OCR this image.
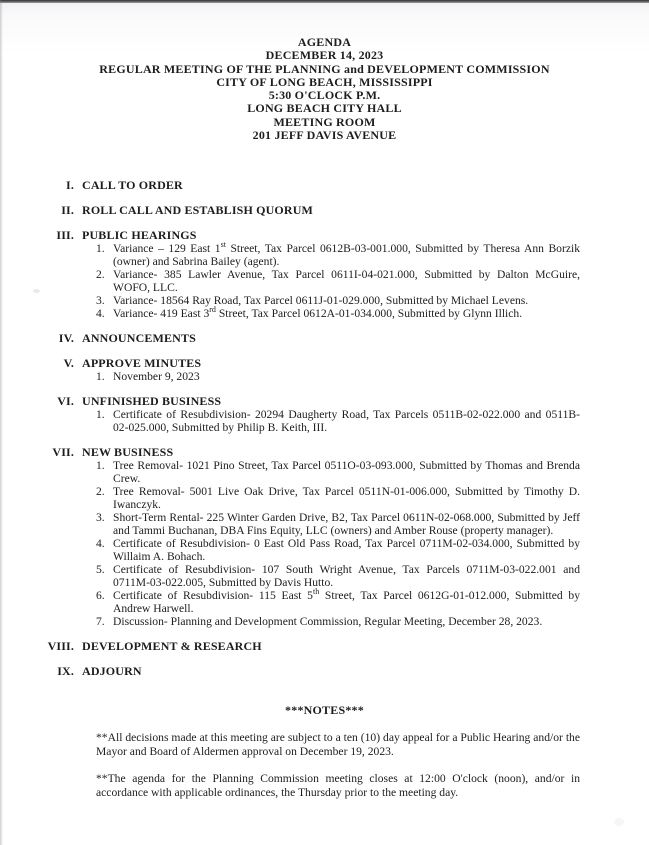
AGENDA
DECEMBER 14, 2023
REGULAR MEETING OF THE PLANNING and DEVELOPMENT COMMISSION
CITY OF LONG BEACH, MISSISSIPPI
5:30 O'CLOCK P.M.
LONG BEACH CITY HALL
MEETING ROOM
201 JEFF DAVIS AVENUE
I. CALL TO ORDER
II. ROLL CALL AND ESTABLISH QUORUM
III. PUBLIC HEARINGS
1. Variance – 129 East 1st Street, Tax Parcel 0612B-03-001.000, Submitted by Theresa Ann Borzik (owner) and Sabrina Bailey (agent).
2. Variance- 385 Lawler Avenue, Tax Parcel 0611I-04-021.000, Submitted by Dalton McGuire, WOFO, LLC.
3. Variance- 18564 Ray Road, Tax Parcel 0611J-01-029.000, Submitted by Michael Levens.
4. Variance- 419 East 3rd Street, Tax Parcel 0612A-01-034.000, Submitted by Glynn Illich.
IV. ANNOUNCEMENTS
V. APPROVE MINUTES
1. November 9, 2023
VI. UNFINISHED BUSINESS
1. Certificate of Resubdivision- 20294 Daugherty Road, Tax Parcels 0511B-02-022.000 and 0511B-02-025.000, Submitted by Philip B. Keith, III.
VII. NEW BUSINESS
1. Tree Removal- 1021 Pino Street, Tax Parcel 0511O-03-093.000, Submitted by Thomas and Brenda Crew.
2. Tree Removal- 5001 Live Oak Drive, Tax Parcel 0511N-01-006.000, Submitted by Timothy D. Iwanczyk.
3. Short-Term Rental- 225 Winter Garden Drive, B2, Tax Parcel 0611N-02-068.000, Submitted by Jeff and Tammi Buchanan, DBA Fins Equity, LLC (owners) and Amber Rouse (property manager).
4. Certificate of Resubdivision- 0 East Old Pass Road, Tax Parcel 0711M-02-034.000, Submitted by Willaim A. Bohach.
5. Certificate of Resubdivision- 107 South Wright Avenue, Tax Parcels 0711M-03-022.001 and 0711M-03-022.005, Submitted by Davis Hutto.
6. Certificate of Resubdivision- 115 East 5th Street, Tax Parcel 0612G-01-012.000, Submitted by Andrew Harwell.
7. Discussion- Planning and Development Commission, Regular Meeting, December 28, 2023.
VIII. DEVELOPMENT & RESEARCH
IX. ADJOURN
***NOTES***

**All decisions made at this meeting are subject to a ten (10) day appeal for a Public Hearing and/or the Mayor and Board of Aldermen approval on December 19, 2023.

**The agenda for the Planning Commission meeting closes at 12:00 O'clock (noon), and/or in accordance with applicable ordinances, the Thursday prior to the meeting day.
